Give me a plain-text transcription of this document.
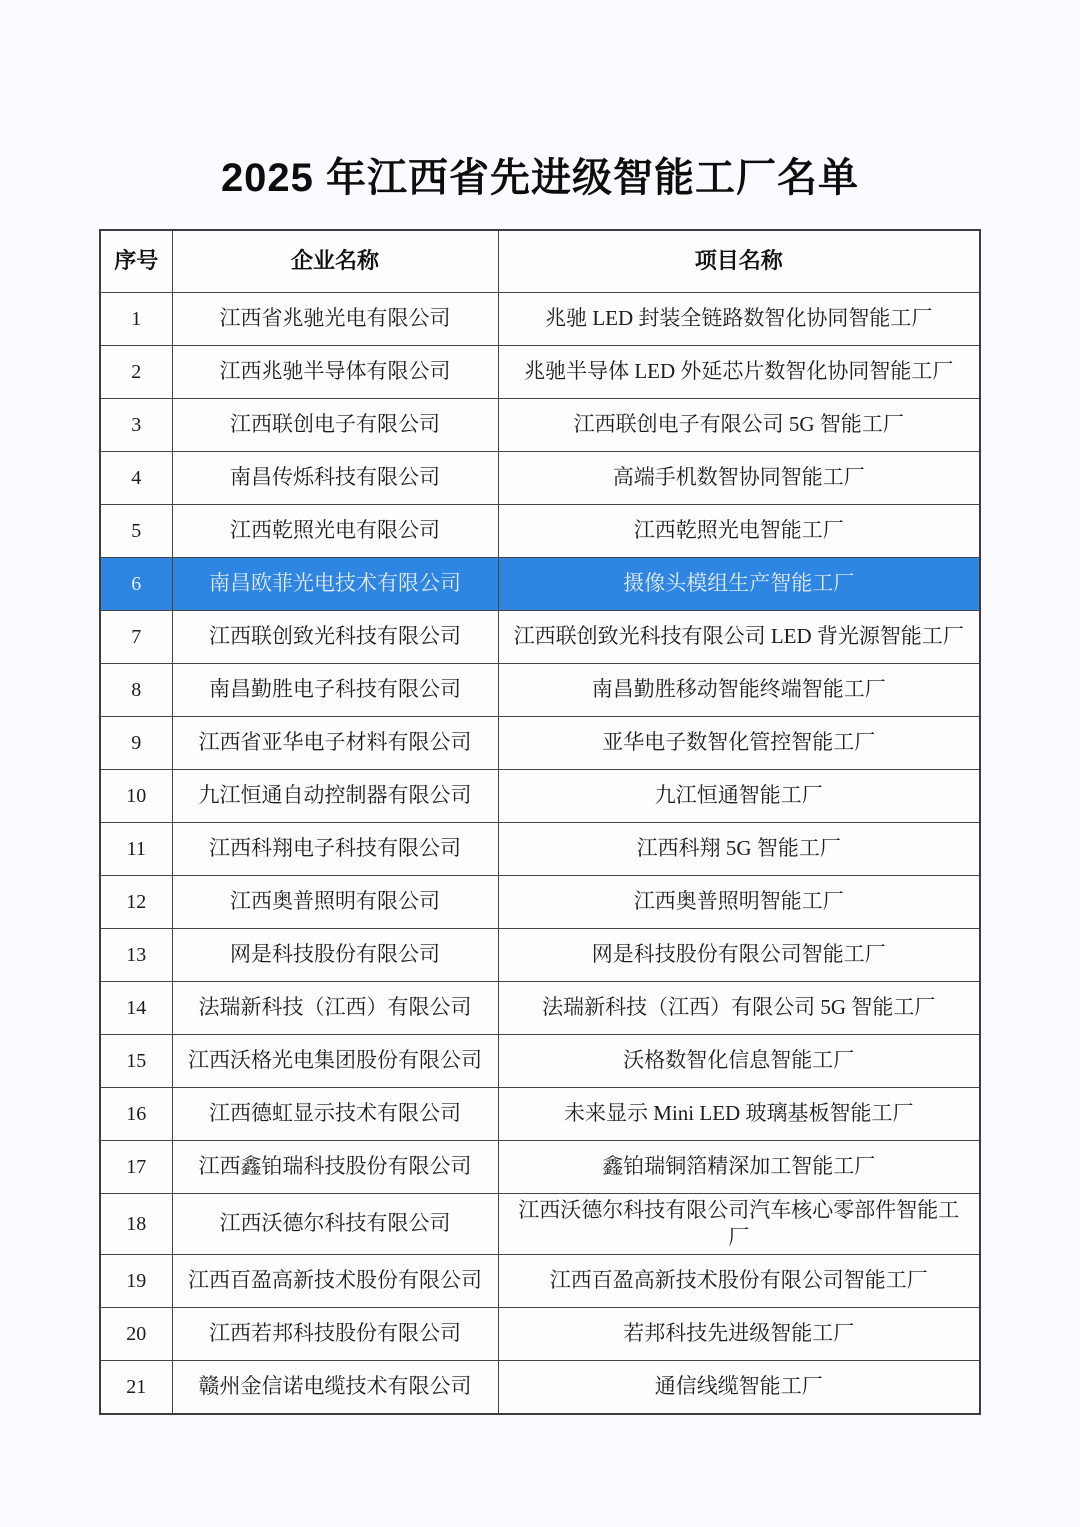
2025 年江西省先进级智能工厂名单
序号	企业名称	项目名称
1	江西省兆驰光电有限公司	兆驰 LED 封装全链路数智化协同智能工厂
2	江西兆驰半导体有限公司	兆驰半导体 LED 外延芯片数智化协同智能工厂
3	江西联创电子有限公司	江西联创电子有限公司 5G 智能工厂
4	南昌传烁科技有限公司	高端手机数智协同智能工厂
5	江西乾照光电有限公司	江西乾照光电智能工厂
6	南昌欧菲光电技术有限公司	摄像头模组生产智能工厂
7	江西联创致光科技有限公司	江西联创致光科技有限公司 LED 背光源智能工厂
8	南昌勤胜电子科技有限公司	南昌勤胜移动智能终端智能工厂
9	江西省亚华电子材料有限公司	亚华电子数智化管控智能工厂
10	九江恒通自动控制器有限公司	九江恒通智能工厂
11	江西科翔电子科技有限公司	江西科翔 5G 智能工厂
12	江西奥普照明有限公司	江西奥普照明智能工厂
13	网是科技股份有限公司	网是科技股份有限公司智能工厂
14	法瑞新科技（江西）有限公司	法瑞新科技（江西）有限公司 5G 智能工厂
15	江西沃格光电集团股份有限公司	沃格数智化信息智能工厂
16	江西德虹显示技术有限公司	未来显示 Mini LED 玻璃基板智能工厂
17	江西鑫铂瑞科技股份有限公司	鑫铂瑞铜箔精深加工智能工厂
18	江西沃德尔科技有限公司	江西沃德尔科技有限公司汽车核心零部件智能工厂
19	江西百盈高新技术股份有限公司	江西百盈高新技术股份有限公司智能工厂
20	江西若邦科技股份有限公司	若邦科技先进级智能工厂
21	赣州金信诺电缆技术有限公司	通信线缆智能工厂
